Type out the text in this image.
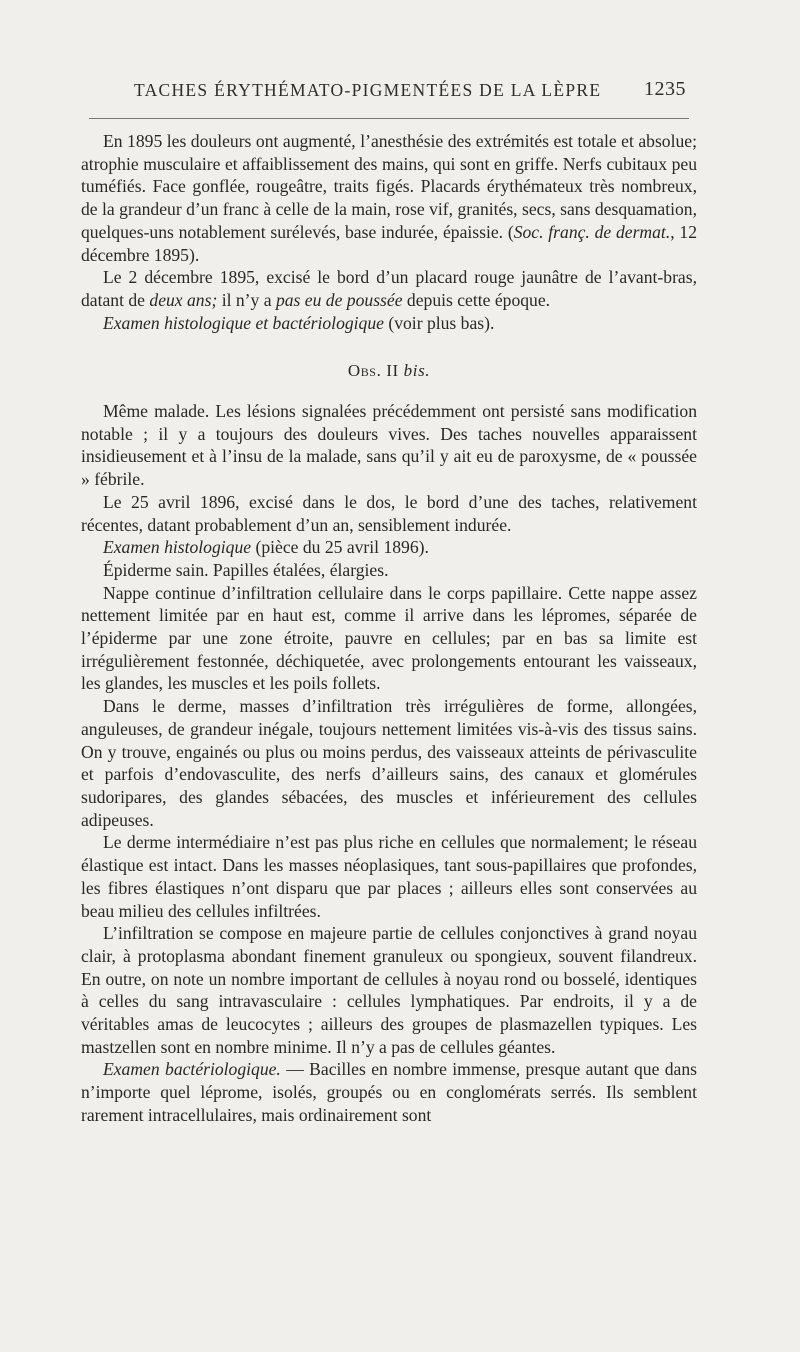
TACHES ÉRYTHÉMATO-PIGMENTÉES DE LA LÈPRE 1235

En 1895 les douleurs ont augmenté, l’anesthésie des extrémités est totale et absolue; atrophie musculaire et affaiblissement des mains, qui sont en griffe. Nerfs cubitaux peu tuméfiés. Face gonflée, rougeâtre, traits figés. Placards érythémateux très nombreux, de la grandeur d’un franc à celle de la main, rose vif, granités, secs, sans desquamation, quelques-uns notablement surélevés, base indurée, épaissie. (Soc. franç. de dermat., 12 décembre 1895).

Le 2 décembre 1895, excisé le bord d’un placard rouge jaunâtre de l’avant-bras, datant de deux ans; il n’y a pas eu de poussée depuis cette époque.

Examen histologique et bactériologique (voir plus bas).

Obs. II bis.

Même malade. Les lésions signalées précédemment ont persisté sans modification notable ; il y a toujours des douleurs vives. Des taches nouvelles apparaissent insidieusement et à l’insu de la malade, sans qu’il y ait eu de paroxysme, de « poussée » fébrile.

Le 25 avril 1896, excisé dans le dos, le bord d’une des taches, relativement récentes, datant probablement d’un an, sensiblement indurée.

Examen histologique (pièce du 25 avril 1896).

Épiderme sain. Papilles étalées, élargies.

Nappe continue d’infiltration cellulaire dans le corps papillaire. Cette nappe assez nettement limitée par en haut est, comme il arrive dans les lépromes, séparée de l’épiderme par une zone étroite, pauvre en cellules; par en bas sa limite est irrégulièrement festonnée, déchiquetée, avec prolongements entourant les vaisseaux, les glandes, les muscles et les poils follets.

Dans le derme, masses d’infiltration très irrégulières de forme, allongées, anguleuses, de grandeur inégale, toujours nettement limitées vis-à-vis des tissus sains. On y trouve, engainés ou plus ou moins perdus, des vaisseaux atteints de périvasculite et parfois d’endovasculite, des nerfs d’ailleurs sains, des canaux et glomérules sudoripares, des glandes sébacées, des muscles et inférieurement des cellules adipeuses.

Le derme intermédiaire n’est pas plus riche en cellules que normalement; le réseau élastique est intact. Dans les masses néoplasiques, tant sous-papillaires que profondes, les fibres élastiques n’ont disparu que par places ; ailleurs elles sont conservées au beau milieu des cellules infiltrées.

L’infiltration se compose en majeure partie de cellules conjonctives à grand noyau clair, à protoplasma abondant finement granuleux ou spongieux, souvent filandreux. En outre, on note un nombre important de cellules à noyau rond ou bosselé, identiques à celles du sang intravasculaire : cellules lymphatiques. Par endroits, il y a de véritables amas de leucocytes ; ailleurs des groupes de plasmazellen typiques. Les mastzellen sont en nombre minime. Il n’y a pas de cellules géantes.

Examen bactériologique. — Bacilles en nombre immense, presque autant que dans n’importe quel léprome, isolés, groupés ou en conglomérats serrés. Ils semblent rarement intracellulaires, mais ordinairement sont
